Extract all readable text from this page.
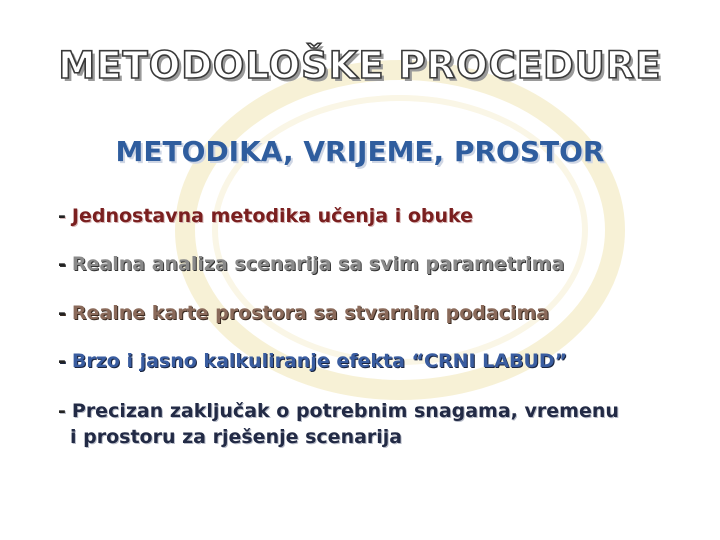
METODOLOŠKE PROCEDURE
METODIKA, VRIJEME, PROSTOR
- Jednostavna metodika učenja i obuke
- Realna analiza scenarija sa svim parametrima
- Realne karte prostora sa stvarnim podacima
- Brzo i jasno kalkuliranje efekta “CRNI LABUD”
- Precizan zaključak o potrebnim snagama, vremenu
i prostoru za rješenje scenarija
